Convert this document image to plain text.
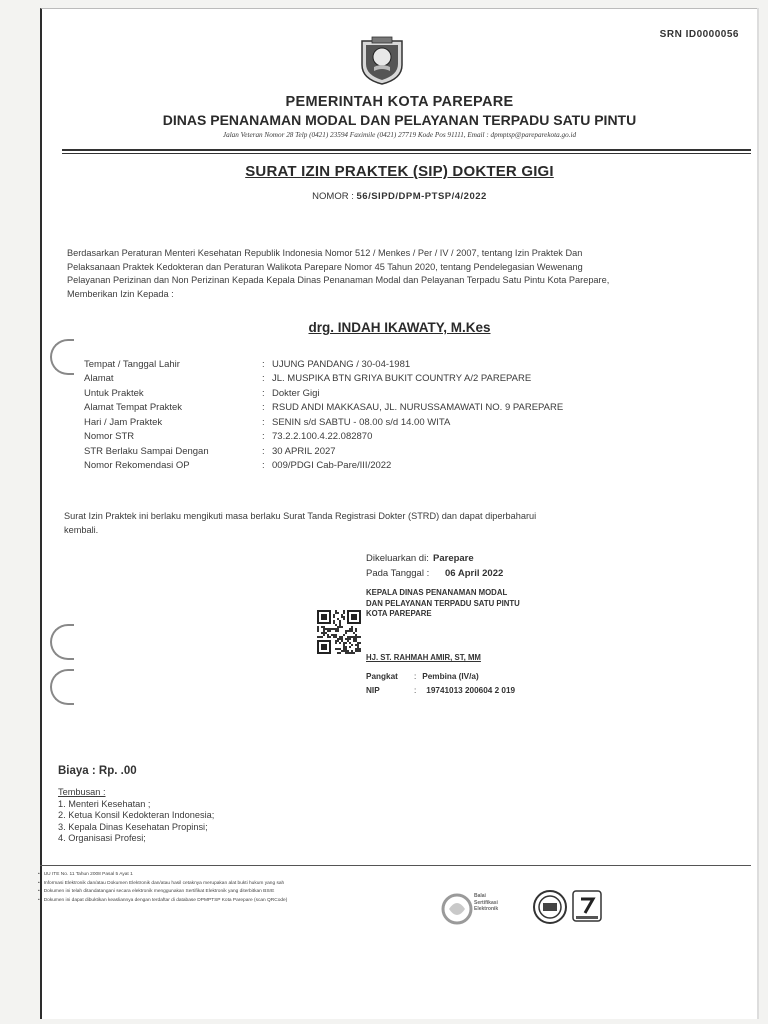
SRN ID0000056
PEMERINTAH KOTA PAREPARE
DINAS PENANAMAN MODAL DAN PELAYANAN TERPADU SATU PINTU
Jalan Veteran Nomor 28 Telp (0421) 23594 Faximile (0421) 27719 Kode Pos 91111, Email : dpmptsp@pareparekota.go.id
SURAT IZIN PRAKTEK (SIP) DOKTER GIGI
NOMOR : 56/SIPD/DPM-PTSP/4/2022
Berdasarkan Peraturan Menteri Kesehatan Republik Indonesia Nomor 512 / Menkes / Per / IV / 2007, tentang Izin Praktek Dan Pelaksanaan Praktek Kedokteran dan Peraturan Walikota Parepare Nomor 45 Tahun 2020, tentang Pendelegasian Wewenang Pelayanan Perizinan dan Non Perizinan Kepada Kepala Dinas Penanaman Modal dan Pelayanan Terpadu Satu Pintu Kota Parepare, Memberikan Izin Kepada :
drg. INDAH IKAWATY, M.Kes
Tempat / Tanggal Lahir	: UJUNG PANDANG / 30-04-1981
Alamat	: JL. MUSPIKA BTN GRIYA BUKIT COUNTRY A/2 PAREPARE
Untuk Praktek	: Dokter Gigi
Alamat Tempat Praktek	: RSUD ANDI MAKKASAU, JL. NURUSSAMAWATI NO. 9 PAREPARE
Hari / Jam Praktek	: SENIN s/d SABTU - 08.00 s/d 14.00 WITA
Nomor STR	: 73.2.2.100.4.22.082870
STR Berlaku Sampai Dengan	: 30 APRIL 2027
Nomor Rekomendasi OP	: 009/PDGI Cab-Pare/III/2022
Surat Izin Praktek ini berlaku mengikuti masa berlaku Surat Tanda Registrasi Dokter (STRD) dan dapat diperbaharui kembali.
Dikeluarkan di: Parepare
Pada Tanggal :	06 April 2022
KEPALA DINAS PENANAMAN MODAL
DAN PELAYANAN TERPADU SATU PINTU
KOTA PAREPARE
HJ. ST. RAHMAH AMIR, ST, MM
Pangkat	: Pembina (IV/a)
NIP	: 19741013 200604 2 019
Biaya : Rp. .00
Tembusan :
1. Menteri Kesehatan ;
2. Ketua Konsil Kedokteran Indonesia;
3. Kepala Dinas Kesehatan Propinsi;
4. Organisasi Profesi;
• UU ITE No. 11 Tahun 2008 Pasal 5 Ayat 1
• Informasi Elektronik dan/atau Dokumen Elektronik dan/atau hasil cetaknya merupakan alat bukti hukum yang sah
• Dokumen ini telah ditandatangani secara elektronik menggunakan Sertifikat Elektronik yang diterbitkan BSrE
• Dokumen ini dapat dibuktikan keasliannya dengan terdaftar di database DPMPTSP Kota Parepare (scan QRCode)
Balai
Sertifikasi
Elektronik
